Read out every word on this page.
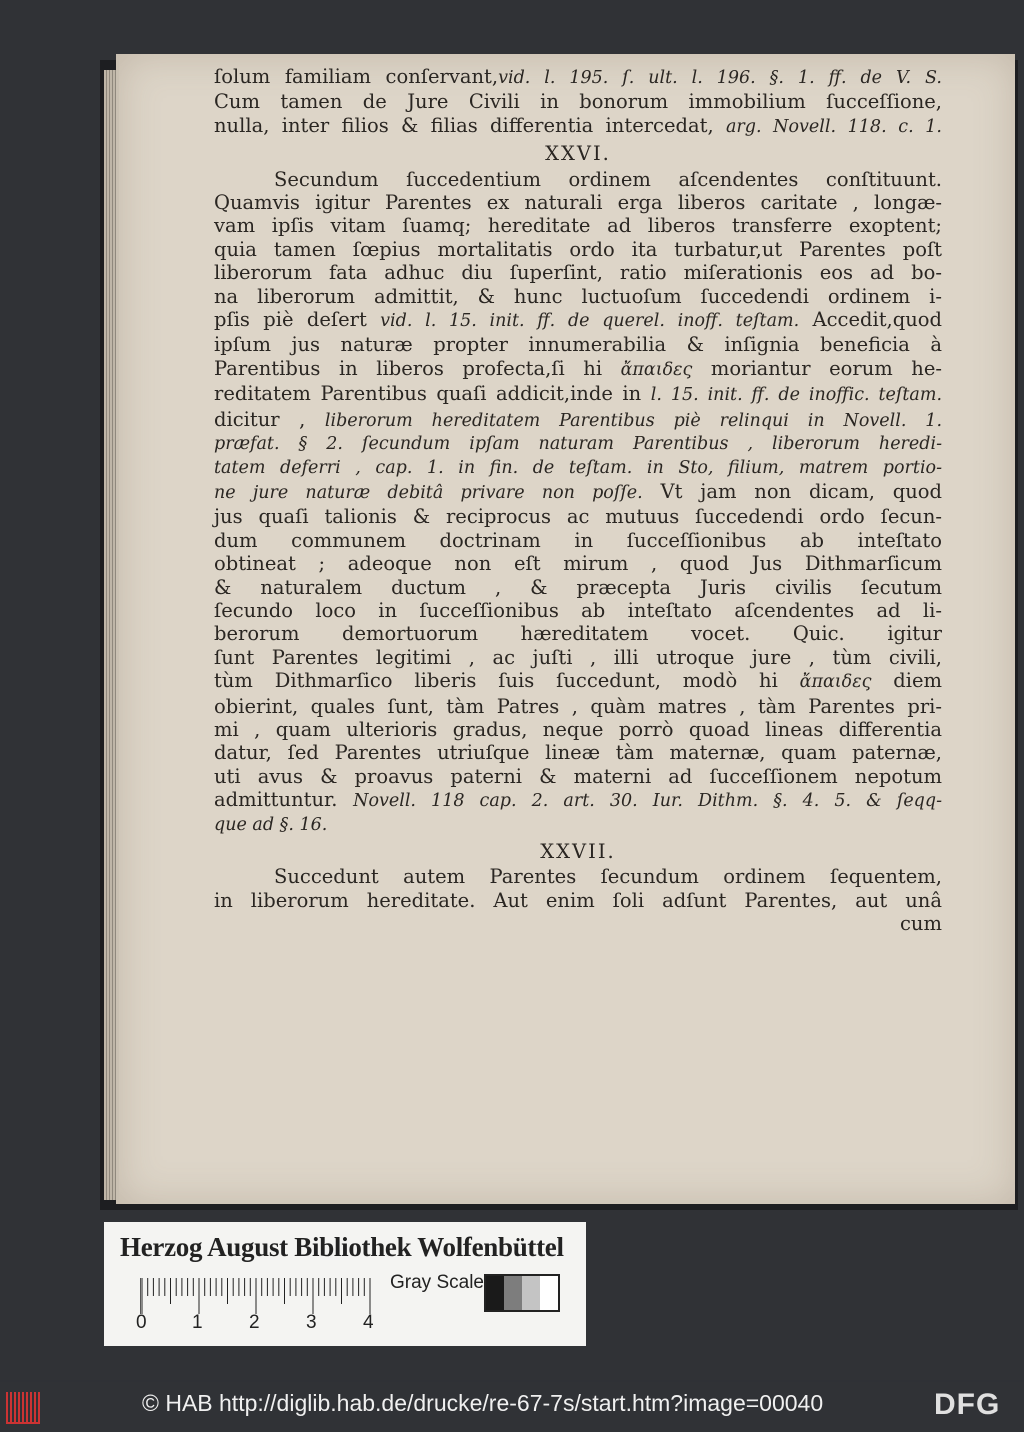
ſolum familiam conſervant,vid. l. 195. ſ. ult. l. 196. §. 1. ff. de V. S.

Cum tamen de Jure Civili in bonorum immobilium ſucceſſione,

nulla, inter filios & filias differentia intercedat, arg. Novell. 118. c. 1.

XXVI.

Secundum ſuccedentium ordinem aſcendentes conſtituunt.

Quamvis igitur Parentes ex naturali erga liberos caritate , longæ-

vam ipſis vitam ſuamq; hereditate ad liberos transferre exoptent;

quia tamen ſœpius mortalitatis ordo ita turbatur,ut Parentes poſt

liberorum fata adhuc diu ſuperſint, ratio miſerationis eos ad bo-

na liberorum admittit, & hunc luctuoſum ſuccedendi ordinem i-

pſis piè deſert vid. l. 15. init. ff. de querel. inoff. teſtam. Accedit,quod

ipſum jus naturæ propter innumerabilia & inſignia beneficia à

Parentibus in liberos profecta,ſi hi ἄπαιδες moriantur eorum he-

reditatem Parentibus quaſi addicit,inde in l. 15. init. ff. de inoffic. teſtam.

dicitur , liberorum hereditatem Parentibus piè relinqui in Novell. 1.

præfat. § 2. ſecundum ipſam naturam Parentibus , liberorum heredi-

tatem deferri , cap. 1. in fin. de teſtam. in Sto, filium, matrem portio-

ne jure naturæ debitâ privare non poſſe. Vt jam non dicam, quod

jus quaſi talionis & reciprocus ac mutuus ſuccedendi ordo ſecun-

dum communem doctrinam in ſucceſſionibus ab inteſtato

obtineat ; adeoque non eſt mirum , quod Jus Dithmarſicum

& naturalem ductum , & præcepta Juris civilis ſecutum

ſecundo loco in ſucceſſionibus ab inteſtato aſcendentes ad li-

berorum demortuorum hæreditatem vocet. Quic. igitur

ſunt Parentes legitimi , ac juſti , illi utroque jure , tùm civili,

tùm Dithmarſico liberis ſuis ſuccedunt, modò hi ἄπαιδες diem

obierint, quales ſunt, tàm Patres , quàm matres , tàm Parentes pri-

mi , quam ulterioris gradus, neque porrò quoad lineas differentia

datur, ſed Parentes utriuſque lineæ tàm maternæ, quam paternæ,

uti avus & proavus paterni & materni ad ſucceſſionem nepotum

admittuntur. Novell. 118 cap. 2. art. 30. Iur. Dithm. §. 4. 5. & ſeqq-

que ad §. 16.

XXVII.

Succedunt autem Parentes ſecundum ordinem ſequentem,

in liberorum hereditate. Aut enim ſoli adſunt Parentes, aut unâ

cum

Herzog August Bibliothek Wolfenbüttel
0 1 2 3 4
Gray Scale
© HAB http://diglib.hab.de/drucke/re-67-7s/start.htm?image=00040	DFG
